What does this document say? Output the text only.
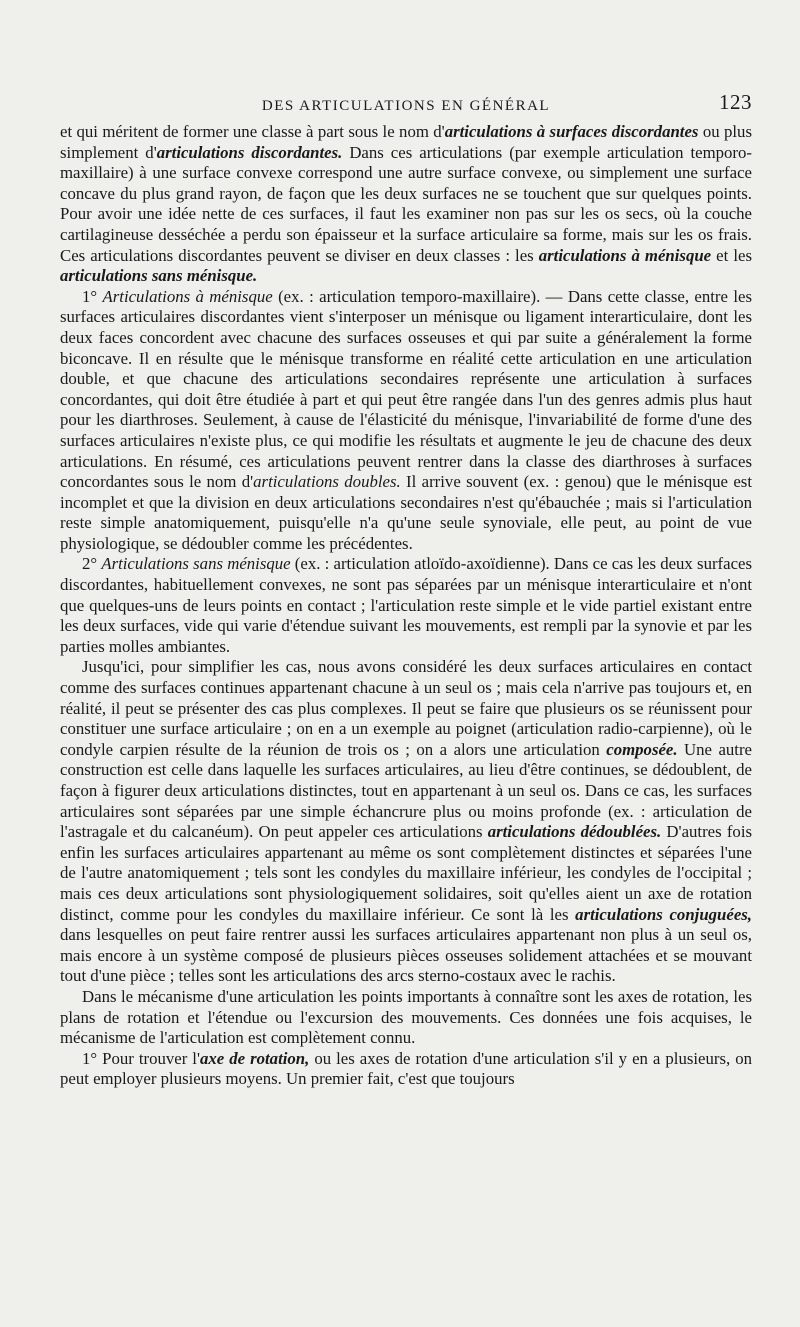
DES ARTICULATIONS EN GÉNÉRAL	123

et qui méritent de former une classe à part sous le nom d'articulations à surfaces discordantes ou plus simplement d'articulations discordantes. Dans ces articulations (par exemple articulation temporo-maxillaire) à une surface convexe correspond une autre surface convexe, ou simplement une surface concave du plus grand rayon, de façon que les deux surfaces ne se touchent que sur quelques points. Pour avoir une idée nette de ces surfaces, il faut les examiner non pas sur les os secs, où la couche cartilagineuse desséchée a perdu son épaisseur et la surface articulaire sa forme, mais sur les os frais. Ces articulations discordantes peuvent se diviser en deux classes : les articulations à ménisque et les articulations sans ménisque.

1° Articulations à ménisque (ex. : articulation temporo-maxillaire). — Dans cette classe, entre les surfaces articulaires discordantes vient s'interposer un ménisque ou ligament interarticulaire, dont les deux faces concordent avec chacune des surfaces osseuses et qui par suite a généralement la forme biconcave. Il en résulte que le ménisque transforme en réalité cette articulation en une articulation double, et que chacune des articulations secondaires représente une articulation à surfaces concordantes, qui doit être étudiée à part et qui peut être rangée dans l'un des genres admis plus haut pour les diarthroses. Seulement, à cause de l'élasticité du ménisque, l'invariabilité de forme d'une des surfaces articulaires n'existe plus, ce qui modifie les résultats et augmente le jeu de chacune des deux articulations. En résumé, ces articulations peuvent rentrer dans la classe des diarthroses à surfaces concordantes sous le nom d'articulations doubles. Il arrive souvent (ex. : genou) que le ménisque est incomplet et que la division en deux articulations secondaires n'est qu'ébauchée ; mais si l'articulation reste simple anatomiquement, puisqu'elle n'a qu'une seule synoviale, elle peut, au point de vue physiologique, se dédoubler comme les précédentes.

2° Articulations sans ménisque (ex. : articulation atloïdo-axoïdienne). Dans ce cas les deux surfaces discordantes, habituellement convexes, ne sont pas séparées par un ménisque interarticulaire et n'ont que quelques-uns de leurs points en contact ; l'articulation reste simple et le vide partiel existant entre les deux surfaces, vide qui varie d'étendue suivant les mouvements, est rempli par la synovie et par les parties molles ambiantes.

Jusqu'ici, pour simplifier les cas, nous avons considéré les deux surfaces articulaires en contact comme des surfaces continues appartenant chacune à un seul os ; mais cela n'arrive pas toujours et, en réalité, il peut se présenter des cas plus complexes. Il peut se faire que plusieurs os se réunissent pour constituer une surface articulaire ; on en a un exemple au poignet (articulation radio-carpienne), où le condyle carpien résulte de la réunion de trois os ; on a alors une articulation composée. Une autre construction est celle dans laquelle les surfaces articulaires, au lieu d'être continues, se dédoublent, de façon à figurer deux articulations distinctes, tout en appartenant à un seul os. Dans ce cas, les surfaces articulaires sont séparées par une simple échancrure plus ou moins profonde (ex. : articulation de l'astragale et du calcanéum). On peut appeler ces articulations articulations dédoublées. D'autres fois enfin les surfaces articulaires appartenant au même os sont complètement distinctes et séparées l'une de l'autre anatomiquement ; tels sont les condyles du maxillaire inférieur, les condyles de l'occipital ; mais ces deux articulations sont physiologiquement solidaires, soit qu'elles aient un axe de rotation distinct, comme pour les condyles du maxillaire inférieur. Ce sont là les articulations conjuguées, dans lesquelles on peut faire rentrer aussi les surfaces articulaires appartenant non plus à un seul os, mais encore à un système composé de plusieurs pièces osseuses solidement attachées et se mouvant tout d'une pièce ; telles sont les articulations des arcs sterno-costaux avec le rachis.

Dans le mécanisme d'une articulation les points importants à connaître sont les axes de rotation, les plans de rotation et l'étendue ou l'excursion des mouvements. Ces données une fois acquises, le mécanisme de l'articulation est complètement connu.

1° Pour trouver l'axe de rotation, ou les axes de rotation d'une articulation s'il y en a plusieurs, on peut employer plusieurs moyens. Un premier fait, c'est que toujours
